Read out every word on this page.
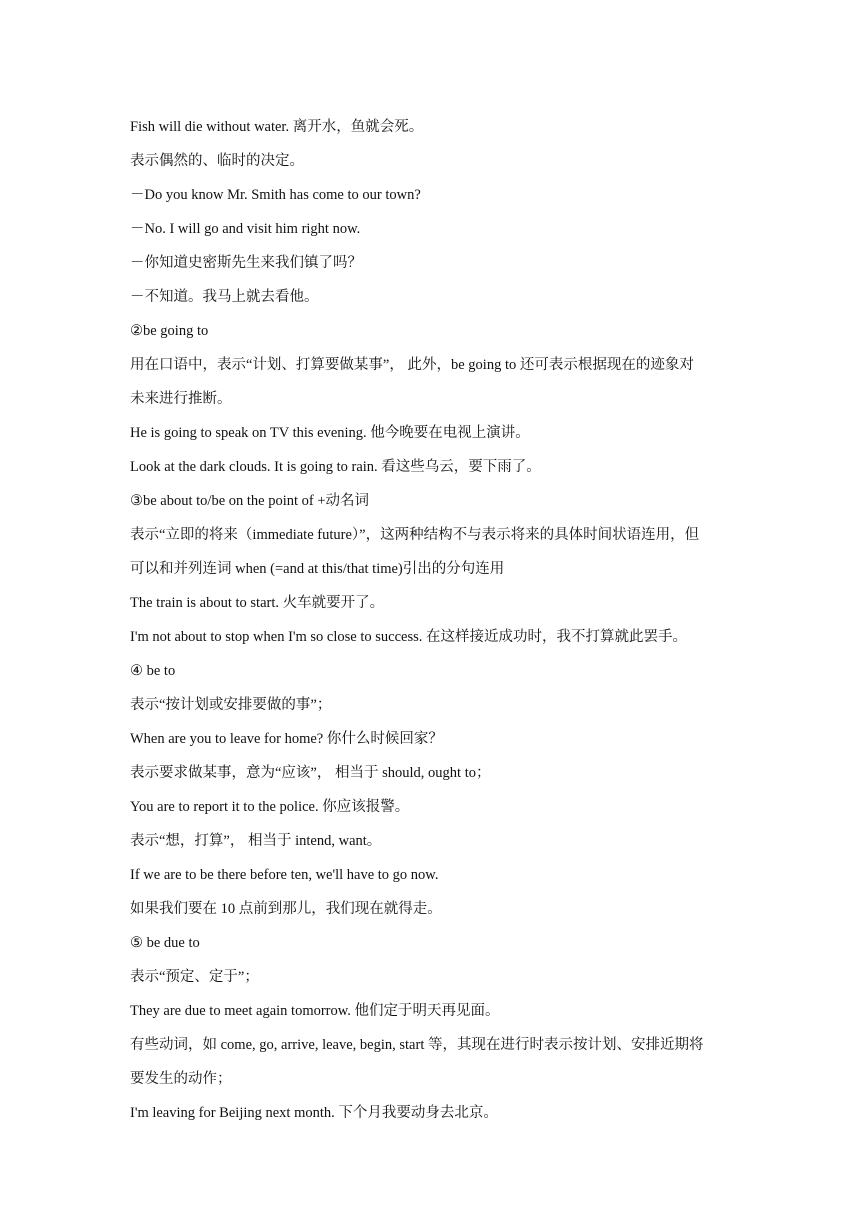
Fish will die without water. 离开水，鱼就会死。
表示偶然的、临时的决定。
－Do you know Mr. Smith has come to our town?
－No. I will go and visit him right now.
－你知道史密斯先生来我们镇了吗？
－不知道。我马上就去看他。
②be going to
用在口语中，表示“计划、打算要做某事”， 此外，be going to 还可表示根据现在的迹象对
未来进行推断。
He is going to speak on TV this evening. 他今晚要在电视上演讲。
Look at the dark clouds. It is going to rain. 看这些乌云，要下雨了。
③be about to/be on the point of +动名词
表示“立即的将来（immediate future）”，这两种结构不与表示将来的具体时间状语连用，但
可以和并列连词 when (=and at this/that time)引出的分句连用
The train is about to start. 火车就要开了。
I'm not about to stop when I'm so close to success. 在这样接近成功时，我不打算就此罢手。
④ be to
表示“按计划或安排要做的事”；
When are you to leave for home? 你什么时候回家？
表示要求做某事，意为“应该”， 相当于 should, ought to；
You are to report it to the police. 你应该报警。
表示“想，打算”， 相当于 intend, want。
If we are to be there before ten, we'll have to go now.
如果我们要在 10 点前到那儿，我们现在就得走。
⑤ be due to
表示“预定、定于”；
They are due to meet again tomorrow. 他们定于明天再见面。
有些动词，如 come, go, arrive, leave, begin, start 等，其现在进行时表示按计划、安排近期将
要发生的动作；
I'm leaving for Beijing next month. 下个月我要动身去北京。
